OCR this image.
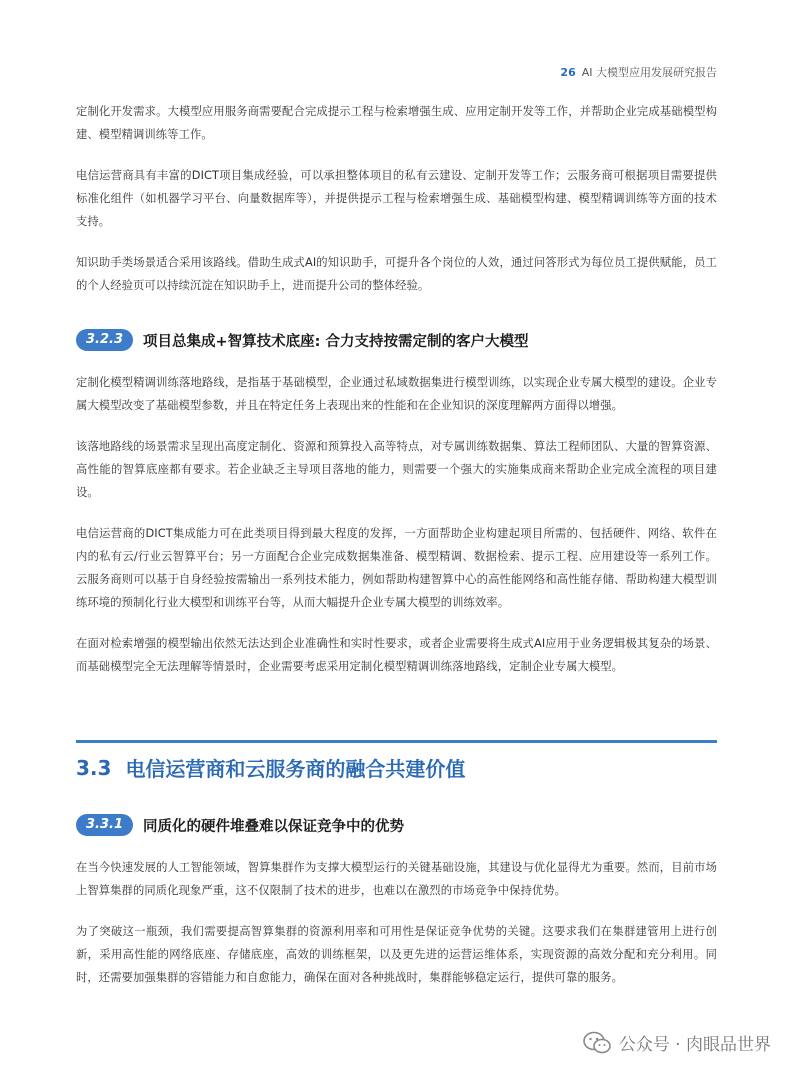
26 AI 大模型应用发展研究报告

定制化开发需求。大模型应用服务商需要配合完成提示工程与检索增强生成、应用定制开发等工作，并帮助企业完成基础模型构建、模型精调训练等工作。

电信运营商具有丰富的DICT项目集成经验，可以承担整体项目的私有云建设、定制开发等工作；云服务商可根据项目需要提供标准化组件（如机器学习平台、向量数据库等），并提供提示工程与检索增强生成、基础模型构建、模型精调训练等方面的技术支持。

知识助手类场景适合采用该路线。借助生成式AI的知识助手，可提升各个岗位的人效，通过问答形式为每位员工提供赋能，员工的个人经验页可以持续沉淀在知识助手上，进而提升公司的整体经验。

3.2.3	项目总集成+智算技术底座: 合力支持按需定制的客户大模型

定制化模型精调训练落地路线，是指基于基础模型，企业通过私域数据集进行模型训练，以实现企业专属大模型的建设。企业专属大模型改变了基础模型参数，并且在特定任务上表现出来的性能和在企业知识的深度理解两方面得以增强。

该落地路线的场景需求呈现出高度定制化、资源和预算投入高等特点，对专属训练数据集、算法工程师团队、大量的智算资源、高性能的智算底座都有要求。若企业缺乏主导项目落地的能力，则需要一个强大的实施集成商来帮助企业完成全流程的项目建设。

电信运营商的DICT集成能力可在此类项目得到最大程度的发挥，一方面帮助企业构建起项目所需的、包括硬件、网络、软件在内的私有云/行业云智算平台；另一方面配合企业完成数据集准备、模型精调、数据检索、提示工程、应用建设等一系列工作。云服务商则可以基于自身经验按需输出一系列技术能力，例如帮助构建智算中心的高性能网络和高性能存储、帮助构建大模型训练环境的预制化行业大模型和训练平台等，从而大幅提升企业专属大模型的训练效率。

在面对检索增强的模型输出依然无法达到企业准确性和实时性要求，或者企业需要将生成式AI应用于业务逻辑极其复杂的场景、而基础模型完全无法理解等情景时，企业需要考虑采用定制化模型精调训练落地路线，定制企业专属大模型。

3.3 电信运营商和云服务商的融合共建价值
3.3.1	同质化的硬件堆叠难以保证竞争中的优势

在当今快速发展的人工智能领域，智算集群作为支撑大模型运行的关键基础设施，其建设与优化显得尤为重要。然而，目前市场上智算集群的同质化现象严重，这不仅限制了技术的进步，也难以在激烈的市场竞争中保持优势。

为了突破这一瓶颈，我们需要提高智算集群的资源利用率和可用性是保证竞争优势的关键。这要求我们在集群建管用上进行创新，采用高性能的网络底座、存储底座，高效的训练框架，以及更先进的运营运维体系，实现资源的高效分配和充分利用。同时，还需要加强集群的容错能力和自愈能力，确保在面对各种挑战时，集群能够稳定运行，提供可靠的服务。

公众号 · 肉眼品世界
